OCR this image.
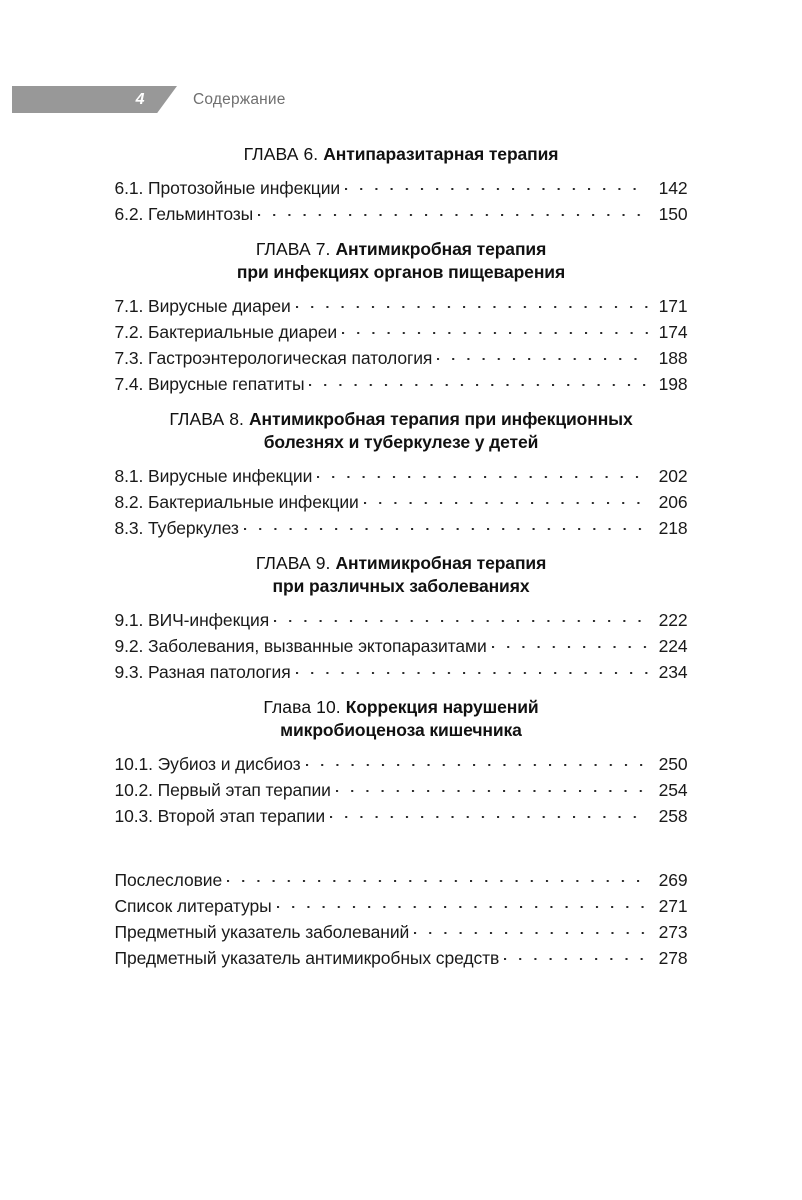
4	Содержание
ГЛАВА 6. Антипаразитарная терапия
6.1. Протозойные инфекции	142
6.2. Гельминтозы	150
ГЛАВА 7. Антимикробная терапия
при инфекциях органов пищеварения
7.1. Вирусные диареи	171
7.2. Бактериальные диареи	174
7.3. Гастроэнтерологическая патология	188
7.4. Вирусные гепатиты	198
ГЛАВА 8. Антимикробная терапия при инфекционных
болезнях и туберкулезе у детей
8.1. Вирусные инфекции	202
8.2. Бактериальные инфекции	206
8.3. Туберкулез	218
ГЛАВА 9. Антимикробная терапия
при различных заболеваниях
9.1. ВИЧ-инфекция	222
9.2. Заболевания, вызванные эктопаразитами	224
9.3. Разная патология	234
Глава 10. Коррекция нарушений
микробиоценоза кишечника
10.1. Эубиоз и дисбиоз	250
10.2. Первый этап терапии	254
10.3. Второй этап терапии	258
Послесловие	269
Список литературы	271
Предметный указатель заболеваний	273
Предметный указатель антимикробных средств	278
